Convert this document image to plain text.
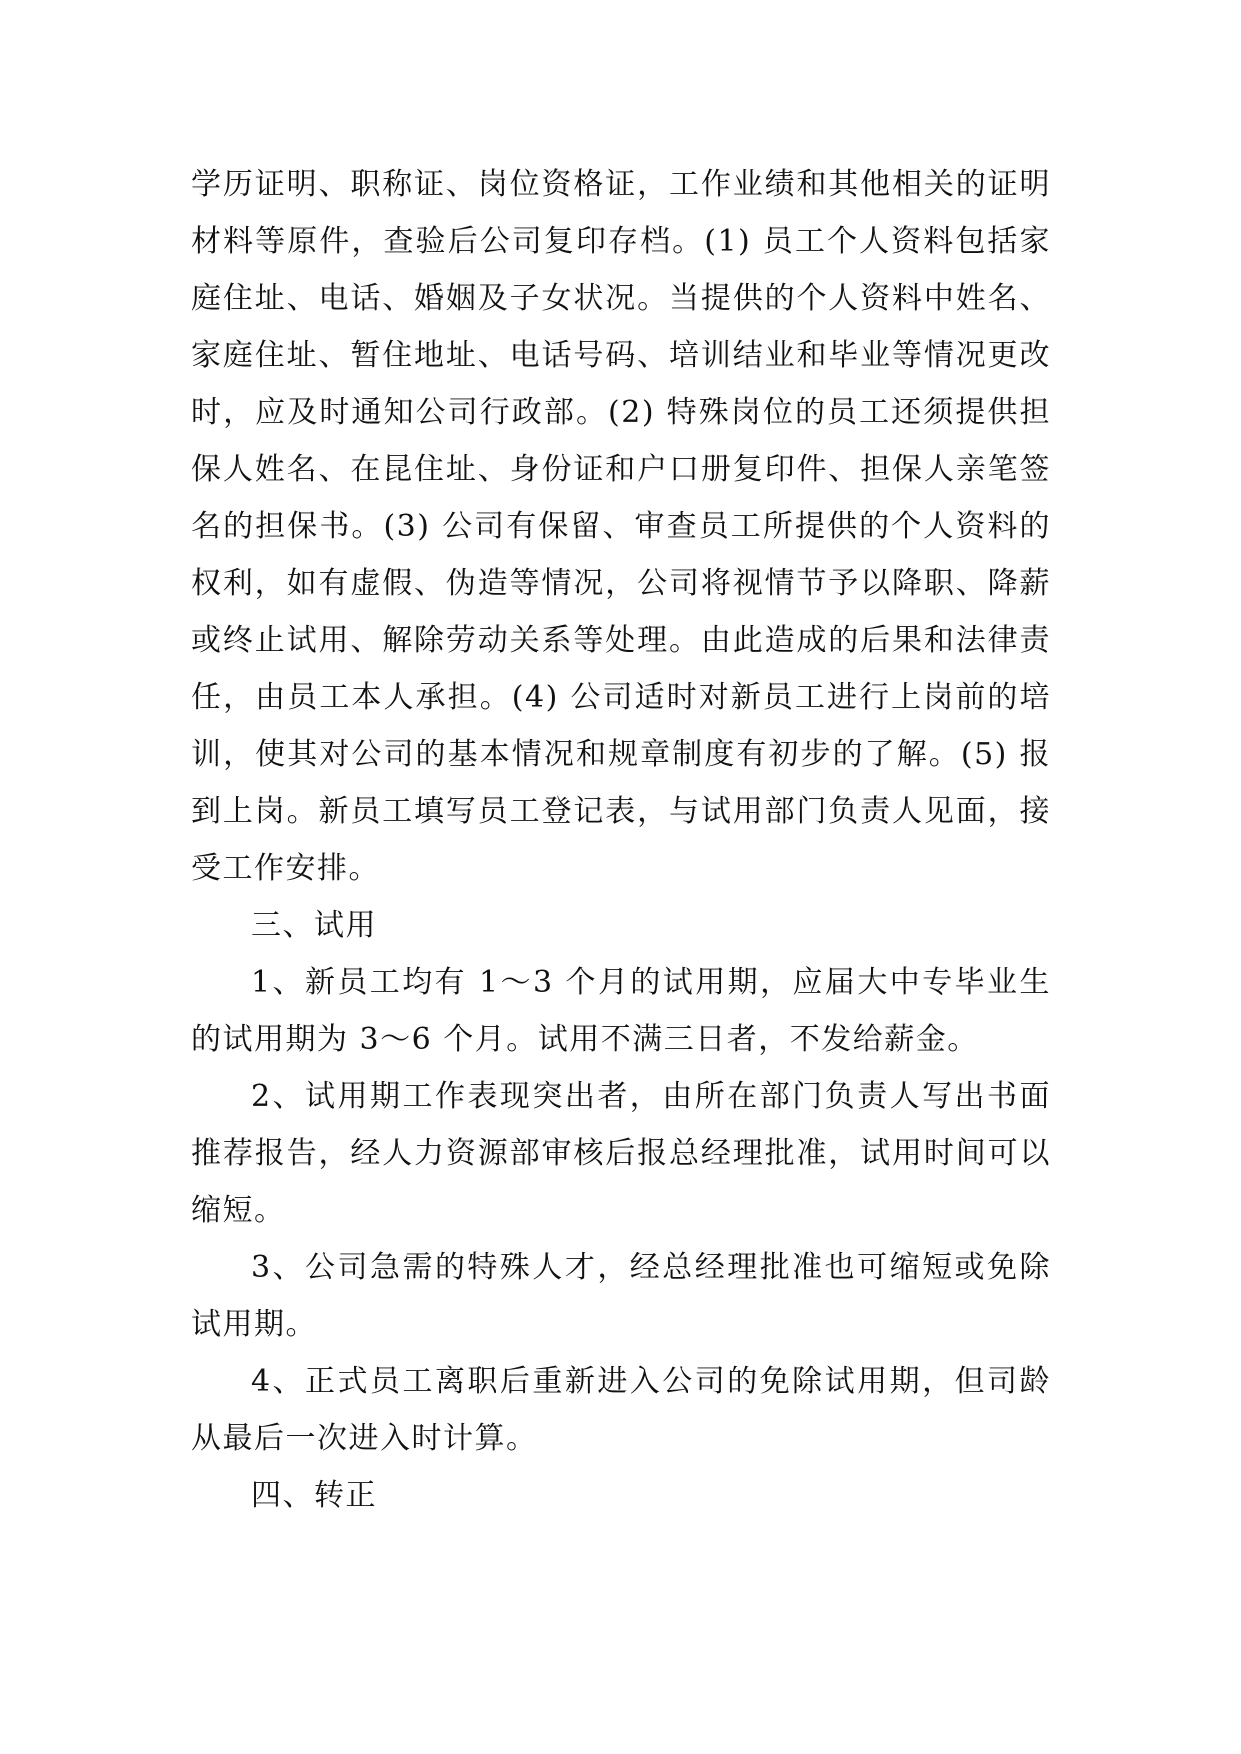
学历证明、职称证、岗位资格证，工作业绩和其他相关的证明材料等原件，查验后公司复印存档。(1) 员工个人资料包括家庭住址、电话、婚姻及子女状况。当提供的个人资料中姓名、家庭住址、暂住地址、电话号码、培训结业和毕业等情况更改时，应及时通知公司行政部。(2) 特殊岗位的员工还须提供担保人姓名、在昆住址、身份证和户口册复印件、担保人亲笔签名的担保书。(3) 公司有保留、审查员工所提供的个人资料的权利，如有虚假、伪造等情况，公司将视情节予以降职、降薪或终止试用、解除劳动关系等处理。由此造成的后果和法律责任，由员工本人承担。(4) 公司适时对新员工进行上岗前的培训，使其对公司的基本情况和规章制度有初步的了解。(5) 报到上岗。新员工填写员工登记表，与试用部门负责人见面，接受工作安排。

三、试用

1、新员工均有 1～3 个月的试用期，应届大中专毕业生的试用期为 3～6 个月。试用不满三日者，不发给薪金。

2、试用期工作表现突出者，由所在部门负责人写出书面推荐报告，经人力资源部审核后报总经理批准，试用时间可以缩短。

3、公司急需的特殊人才，经总经理批准也可缩短或免除试用期。

4、正式员工离职后重新进入公司的免除试用期，但司龄从最后一次进入时计算。

四、转正
